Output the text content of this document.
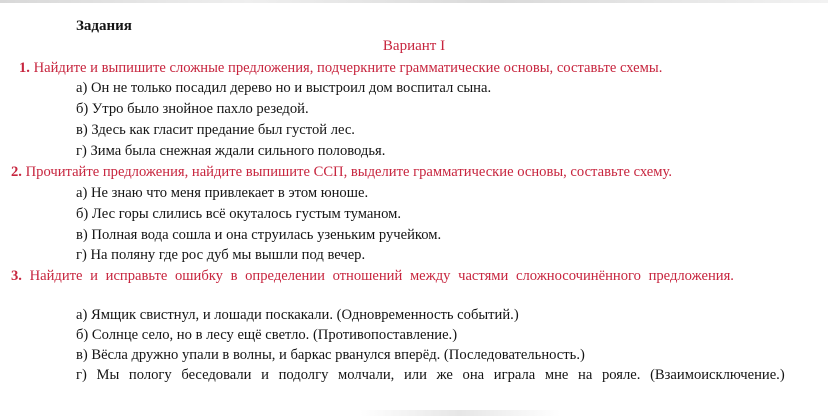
Задания
Вариант I
1. Найдите и выпишите сложные предложения, подчеркните грамматические основы, составьте схемы.
а) Он не только посадил дерево но и выстроил дом воспитал сына.
б) Утро было знойное пахло резедой.
в) Здесь как гласит предание был густой лес.
г) Зима была снежная ждали сильного половодья.
2. Прочитайте предложения, найдите выпишите ССП, выделите грамматические основы, составьте схему.
а) Не знаю что меня привлекает в этом юноше.
б) Лес горы слились всё окуталось густым туманом.
в) Полная вода сошла и она струилась узеньким ручейком.
г) На поляну где рос дуб мы вышли под вечер.
3. Найдите и исправьте ошибку в определении отношений между частями сложносочинённого предложения.
а) Ямщик свистнул, и лошади поскакали. (Одновременность событий.)
б) Солнце село, но в лесу ещё светло. (Противопоставление.)
в) Вёсла дружно упали в волны, и баркас рванулся вперёд. (Последовательность.)
г) Мы пологу беседовали и подолгу молчали, или же она играла мне на рояле. (Взаимоисключение.)
